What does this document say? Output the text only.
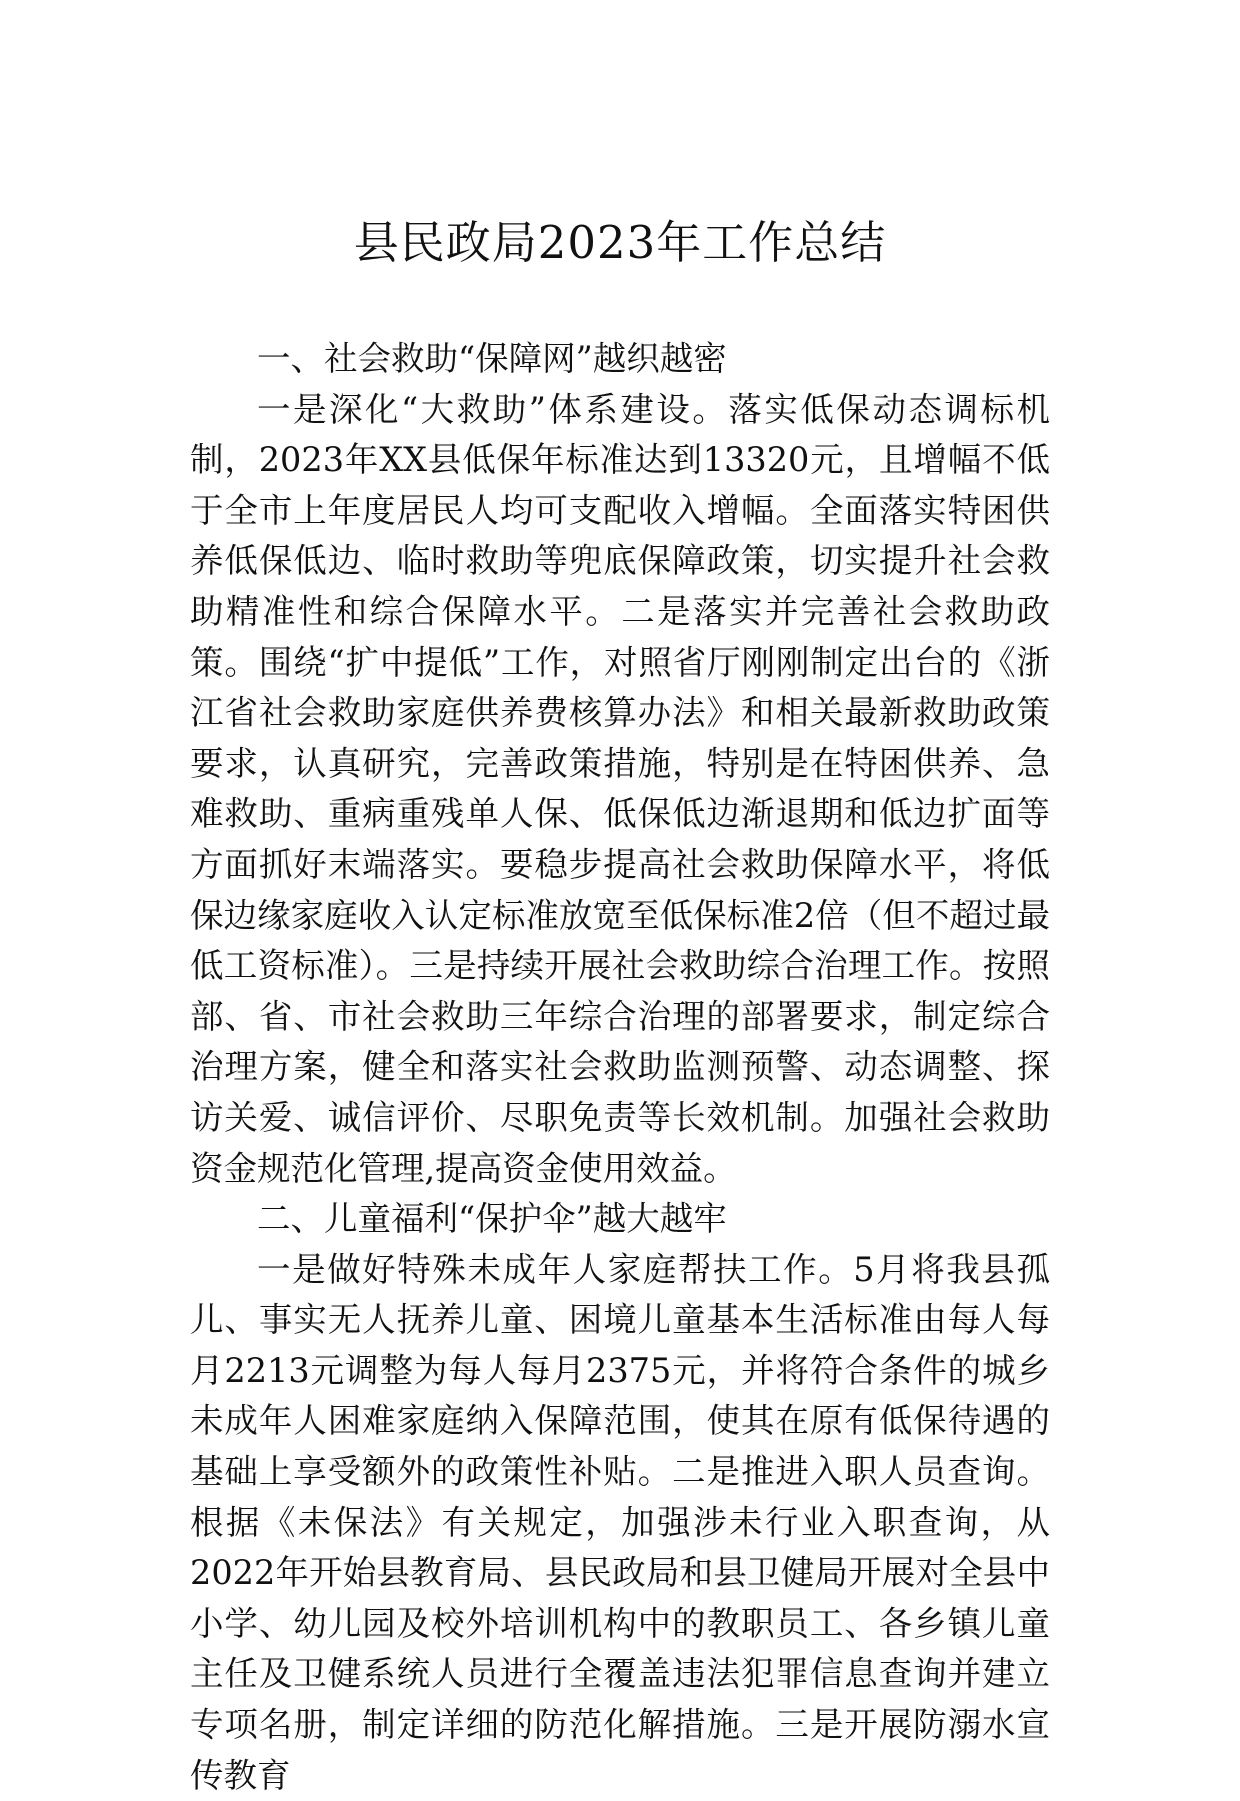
县民政局2023年工作总结

一、社会救助“保障网”越织越密

一是深化“大救助”体系建设。落实低保动态调标机制，2023年XX县低保年标准达到13320元，且增幅不低于全市上年度居民人均可支配收入增幅。全面落实特困供养低保低边、临时救助等兜底保障政策，切实提升社会救助精准性和综合保障水平。二是落实并完善社会救助政策。围绕“扩中提低”工作，对照省厅刚刚制定出台的《浙江省社会救助家庭供养费核算办法》和相关最新救助政策要求，认真研究，完善政策措施，特别是在特困供养、急难救助、重病重残单人保、低保低边渐退期和低边扩面等方面抓好末端落实。要稳步提高社会救助保障水平，将低保边缘家庭收入认定标准放宽至低保标准2倍（但不超过最低工资标准）。三是持续开展社会救助综合治理工作。按照部、省、市社会救助三年综合治理的部署要求，制定综合治理方案，健全和落实社会救助监测预警、动态调整、探访关爱、诚信评价、尽职免责等长效机制。加强社会救助资金规范化管理,提高资金使用效益。

二、儿童福利“保护伞”越大越牢

一是做好特殊未成年人家庭帮扶工作。5月将我县孤儿、事实无人抚养儿童、困境儿童基本生活标准由每人每月2213元调整为每人每月2375元，并将符合条件的城乡未成年人困难家庭纳入保障范围，使其在原有低保待遇的基础上享受额外的政策性补贴。二是推进入职人员查询。根据《未保法》有关规定，加强涉未行业入职查询，从2022年开始县教育局、县民政局和县卫健局开展对全县中小学、幼儿园及校外培训机构中的教职员工、各乡镇儿童主任及卫健系统人员进行全覆盖违法犯罪信息查询并建立专项名册，制定详细的防范化解措施。三是开展防溺水宣传教育
